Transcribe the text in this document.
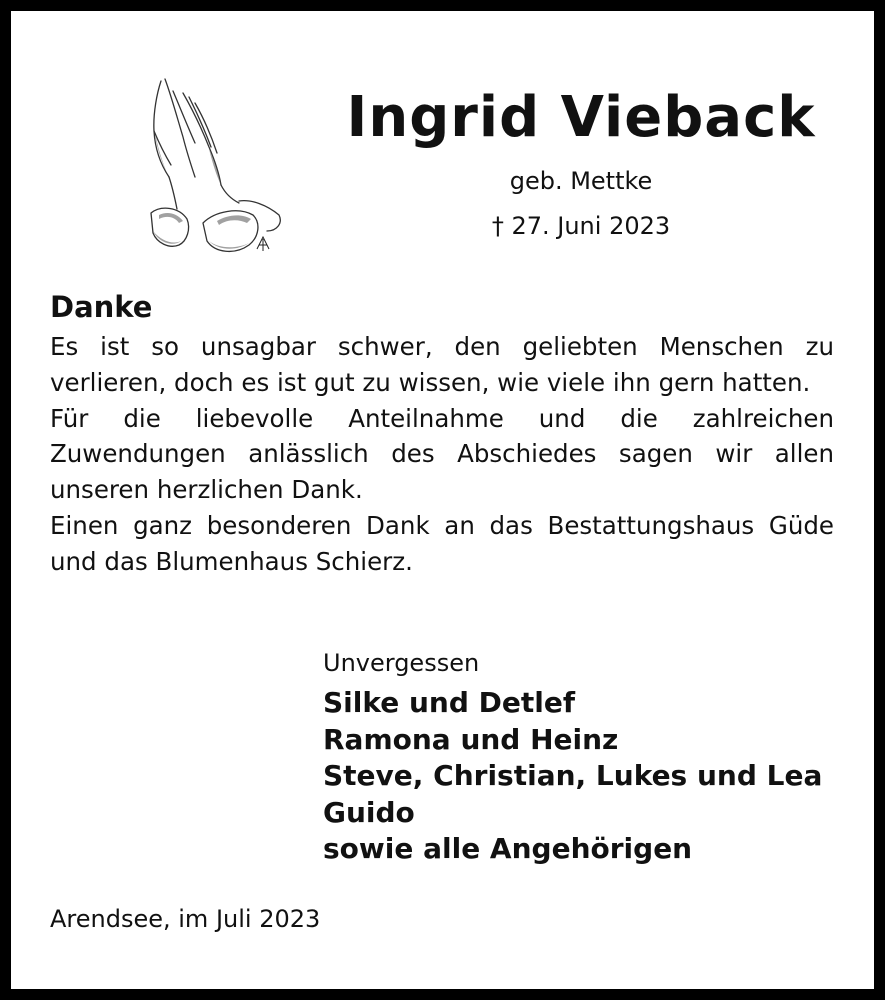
Ingrid Vieback
geb. Mettke
† 27. Juni 2023
Danke

Es ist so unsagbar schwer, den geliebten Menschen zu verlieren, doch es ist gut zu wissen, wie viele ihn gern hatten.

Für die liebevolle Anteilnahme und die zahlreichen Zuwendungen anlässlich des Abschiedes sagen wir allen unseren herzlichen Dank.

Einen ganz besonderen Dank an das Bestattungshaus Güde und das Blumenhaus Schierz.

Unvergessen
Silke und Detlef
Ramona und Heinz
Steve, Christian, Lukes und Lea
Guido
sowie alle Angehörigen
Arendsee, im Juli 2023
